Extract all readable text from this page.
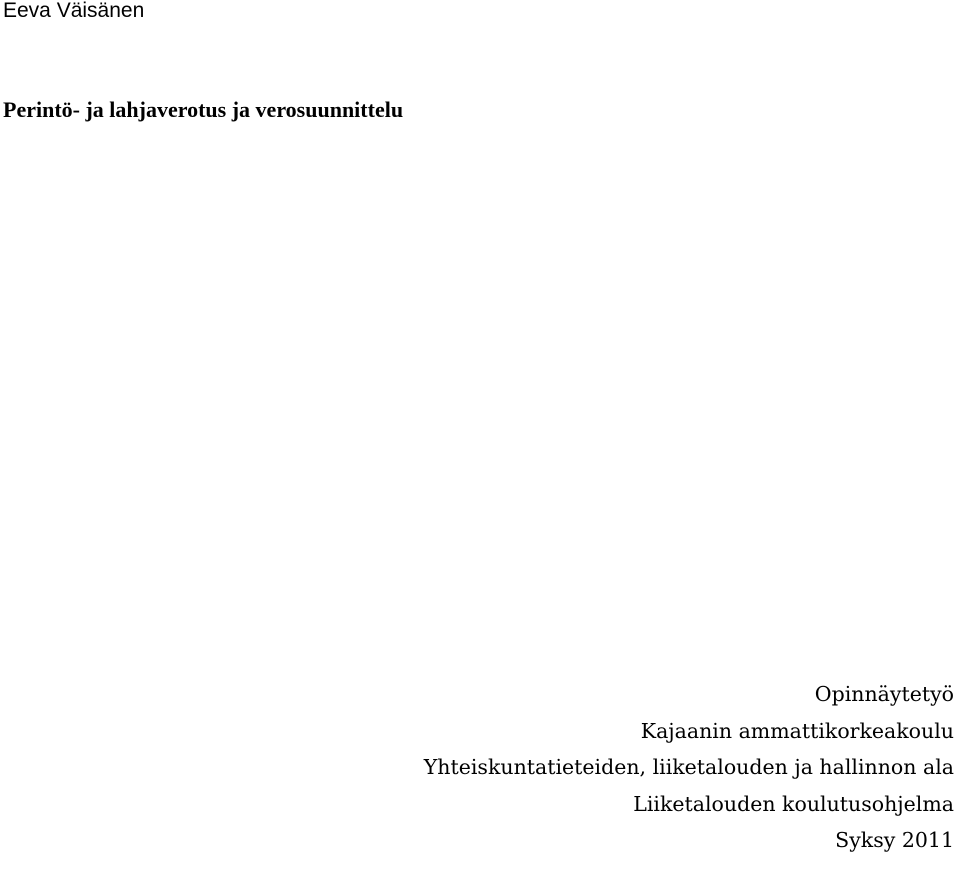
Eeva Väisänen
Perintö- ja lahjaverotus ja verosuunnittelu
Opinnäytetyö
Kajaanin ammattikorkeakoulu
Yhteiskuntatieteiden, liiketalouden ja hallinnon ala
Liiketalouden koulutusohjelma
Syksy 2011
